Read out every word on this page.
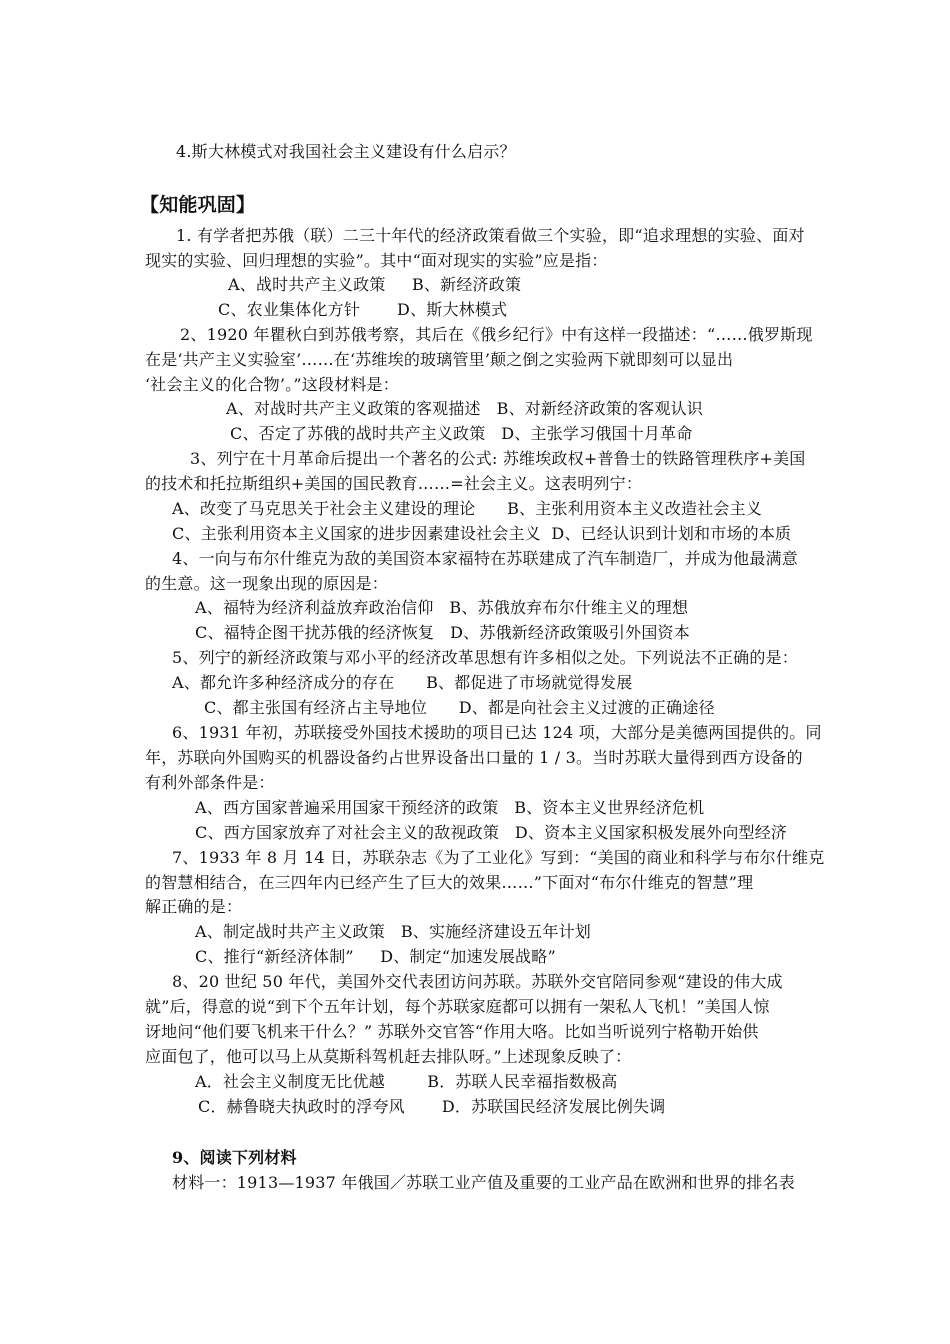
4.斯大林模式对我国社会主义建设有什么启示？
【知能巩固】
1. 有学者把苏俄（联）二三十年代的经济政策看做三个实验，即“追求理想的实验、面对
现实的实验、回归理想的实验”。其中“面对现实的实验”应是指：
A、战时共产主义政策     B、新经济政策
C、农业集体化方针       D、斯大林模式
2、1920 年瞿秋白到苏俄考察，其后在《俄乡纪行》中有这样一段描述：“……俄罗斯现
在是‘共产主义实验室’……在‘苏维埃的玻璃管里’颠之倒之实验两下就即刻可以显出
‘社会主义的化合物’。”这段材料是：
A、对战时共产主义政策的客观描述   B、对新经济政策的客观认识
C、否定了苏俄的战时共产主义政策   D、主张学习俄国十月革命
3、列宁在十月革命后提出一个著名的公式: 苏维埃政权+普鲁士的铁路管理秩序+美国
的技术和托拉斯组织+美国的国民教育……=社会主义。这表明列宁：
A、改变了马克思关于社会主义建设的理论      B、主张利用资本主义改造社会主义
C、主张利用资本主义国家的进步因素建设社会主义  D、已经认识到计划和市场的本质
4、一向与布尔什维克为敌的美国资本家福特在苏联建成了汽车制造厂，并成为他最满意
的生意。这一现象出现的原因是：
A、福特为经济利益放弃政治信仰   B、苏俄放弃布尔什维主义的理想
C、福特企图干扰苏俄的经济恢复   D、苏俄新经济政策吸引外国资本
5、列宁的新经济政策与邓小平的经济改革思想有许多相似之处。下列说法不正确的是：
A、都允许多种经济成分的存在      B、都促进了市场就觉得发展
C、都主张国有经济占主导地位      D、都是向社会主义过渡的正确途径
6、1931 年初，苏联接受外国技术援助的项目已达 124 项，大部分是美德两国提供的。同
年，苏联向外国购买的机器设备约占世界设备出口量的 1 / 3。当时苏联大量得到西方设备的
有利外部条件是：
A、西方国家普遍采用国家干预经济的政策   B、资本主义世界经济危机
C、西方国家放弃了对社会主义的敌视政策   D、资本主义国家积极发展外向型经济
7、1933 年 8 月 14 日，苏联杂志《为了工业化》写到：“美国的商业和科学与布尔什维克
的智慧相结合，在三四年内已经产生了巨大的效果……”下面对“布尔什维克的智慧”理
解正确的是：
A、制定战时共产主义政策   B、实施经济建设五年计划
C、推行“新经济体制”     D、制定“加速发展战略”
8、20 世纪 50 年代，美国外交代表团访问苏联。苏联外交官陪同参观“建设的伟大成
就”后，得意的说“到下个五年计划，每个苏联家庭都可以拥有一架私人飞机！”美国人惊
讶地问“他们要飞机来干什么？” 苏联外交官答“作用大咯。比如当听说列宁格勒开始供
应面包了，他可以马上从莫斯科驾机赶去排队呀。”上述现象反映了：
A．社会主义制度无比优越        B．苏联人民幸福指数极高
C．赫鲁晓夫执政时的浮夸风       D．苏联国民经济发展比例失调
9、阅读下列材料
材料一：1913—1937 年俄国／苏联工业产值及重要的工业产品在欧洲和世界的排名表
